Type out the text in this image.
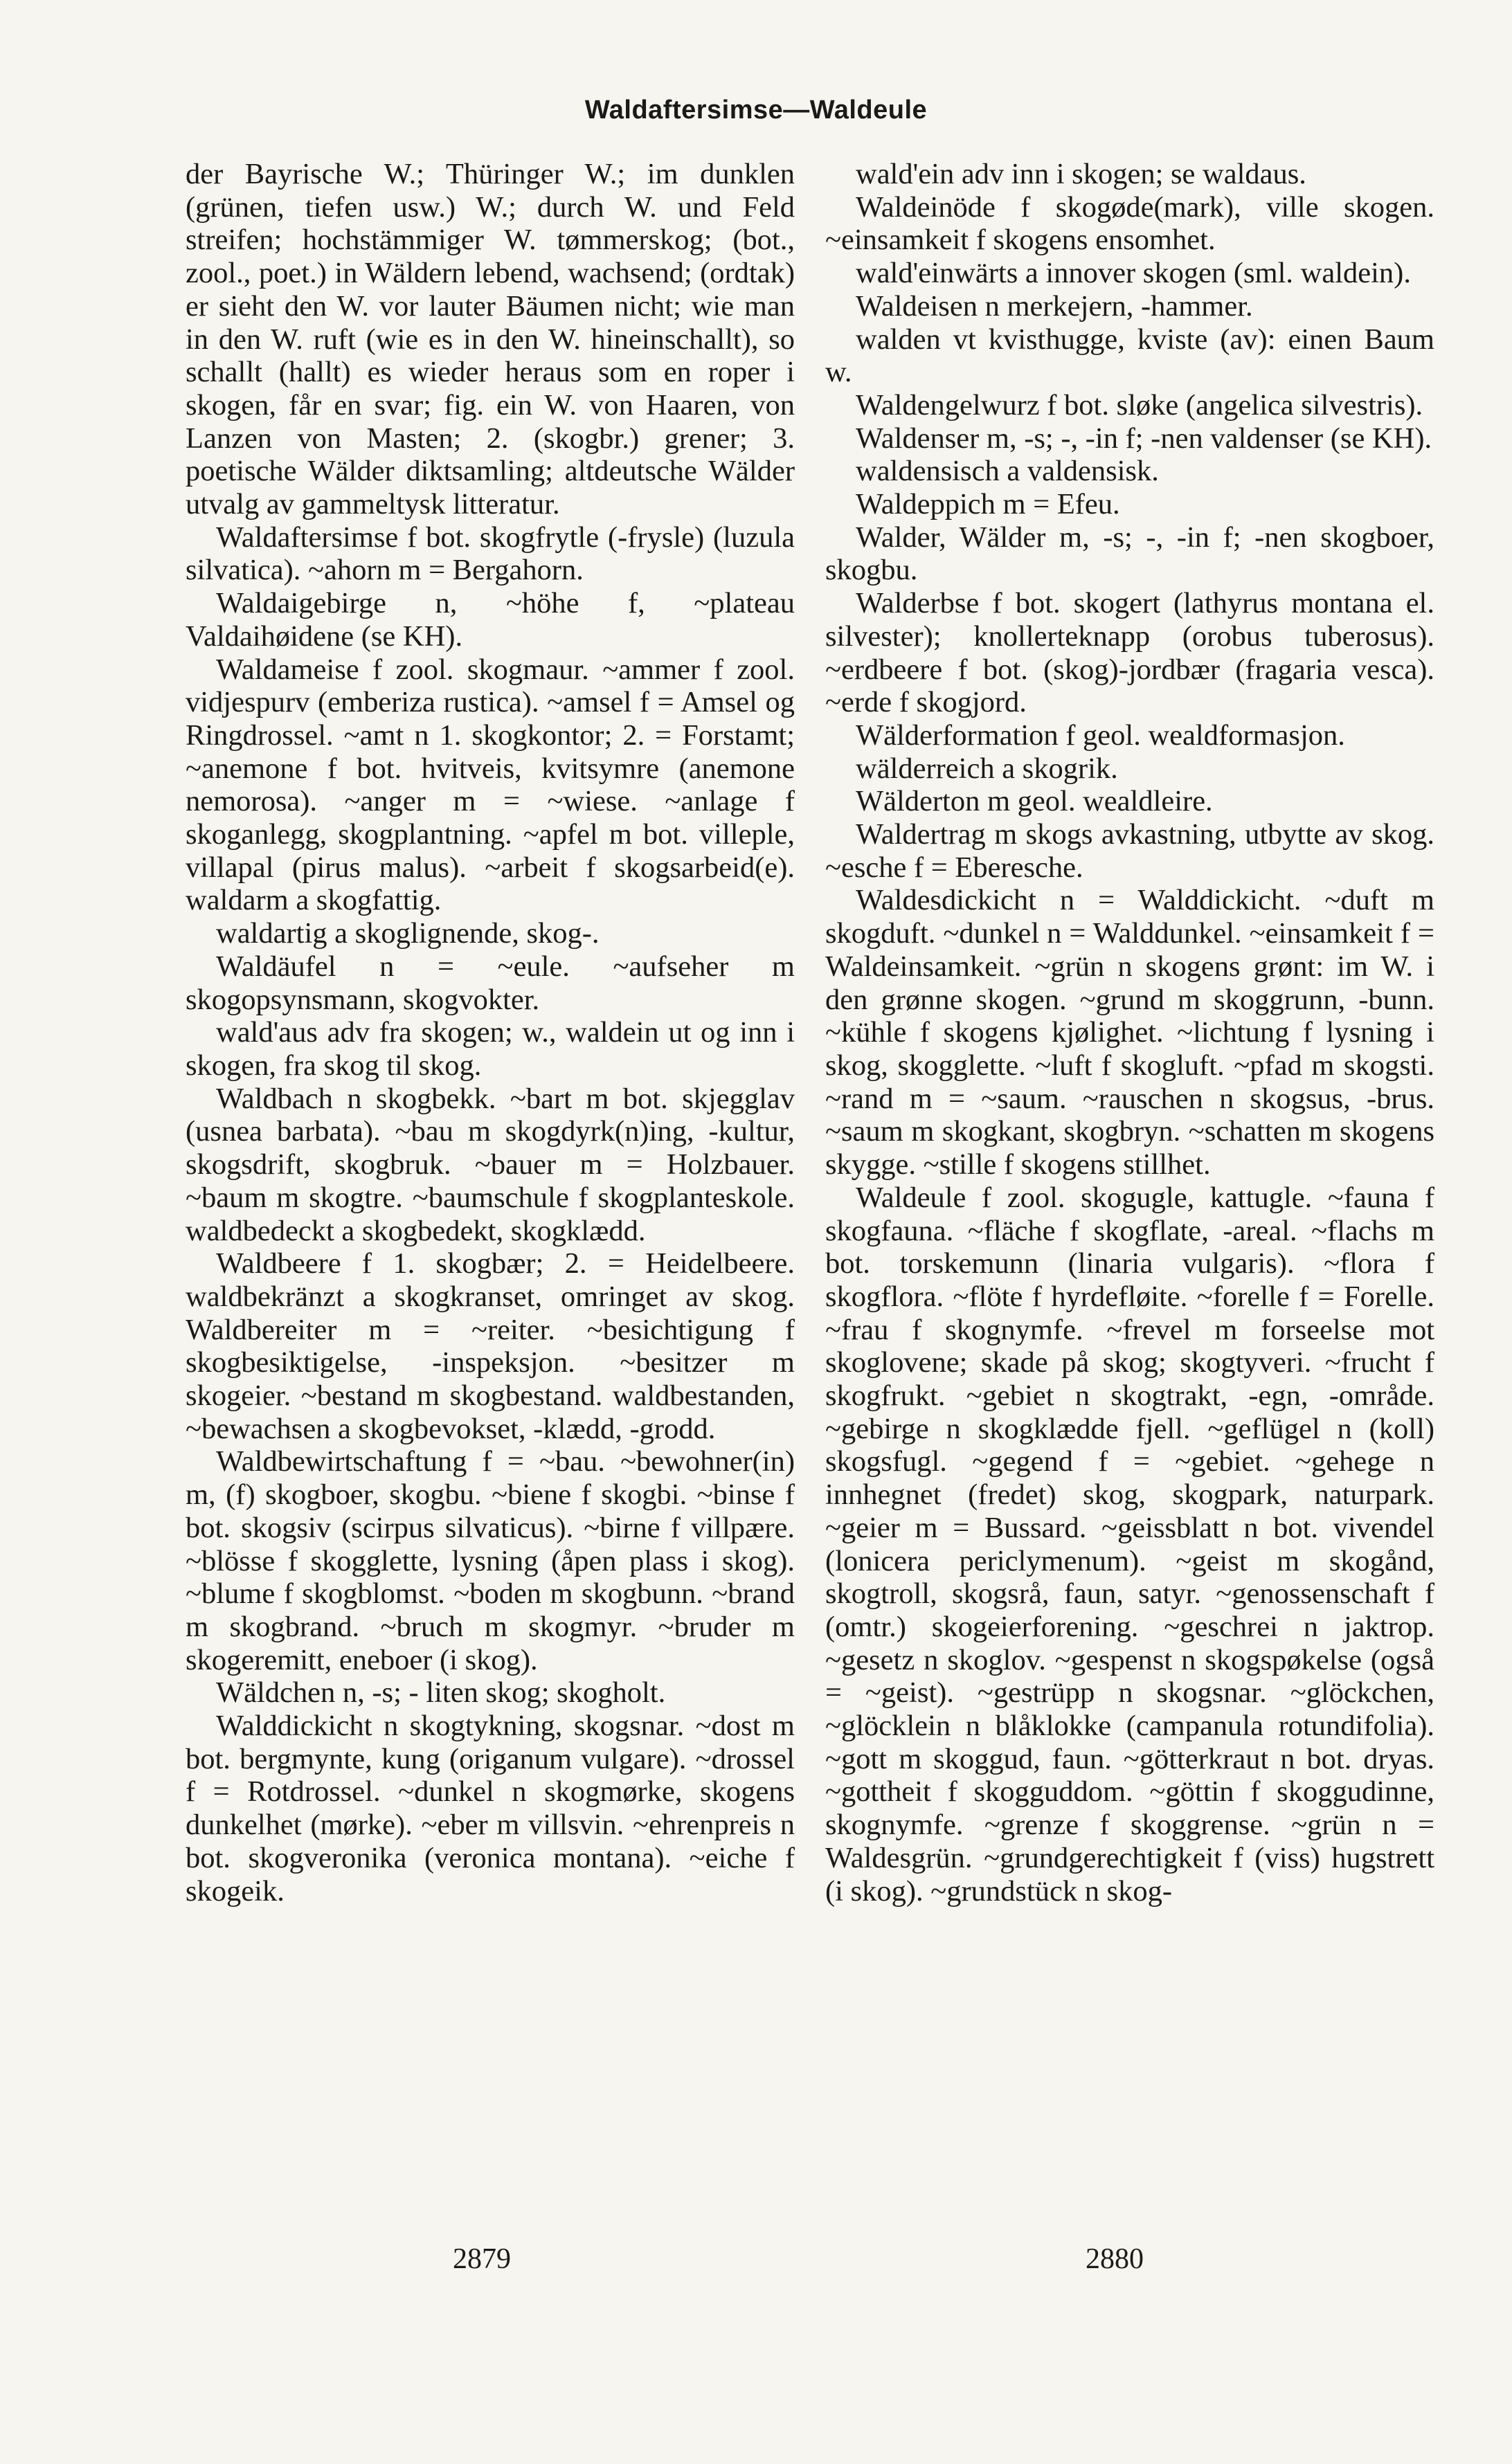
Waldaftersimse—Waldeule

der Bayrische W.; Thüringer W.; im dunklen (grünen, tiefen usw.) W.; durch W. und Feld streifen; hochstämmiger W. tømmerskog; (bot., zool., poet.) in Wäldern lebend, wachsend; (ordtak) er sieht den W. vor lauter Bäumen nicht; wie man in den W. ruft (wie es in den W. hineinschallt), so schallt (hallt) es wieder heraus som en roper i skogen, får en svar; fig. ein W. von Haaren, von Lanzen von Masten; 2. (skogbr.) grener; 3. poetische Wälder diktsamling; altdeutsche Wälder utvalg av gammeltysk litteratur.

Waldaftersimse f bot. skogfrytle (-frysle) (luzula silvatica). ~ahorn m = Bergahorn.

Waldaigebirge n, ~höhe f, ~plateau Valdaihøidene (se KH).

Waldameise f zool. skogmaur. ~ammer f zool. vidjespurv (emberiza rustica). ~amsel f = Amsel og Ringdrossel. ~amt n 1. skogkontor; 2. = Forstamt; ~anemone f bot. hvitveis, kvitsymre (anemone nemorosa). ~anger m = ~wiese. ~anlage f skoganlegg, skogplantning. ~apfel m bot. villeple, villapal (pirus malus). ~arbeit f skogsarbeid(e). waldarm a skogfattig.

waldartig a skoglignende, skog-.

Waldäufel n = ~eule. ~aufseher m skogopsynsmann, skogvokter.

wald'aus adv fra skogen; w., waldein ut og inn i skogen, fra skog til skog.

Waldbach n skogbekk. ~bart m bot. skjegglav (usnea barbata). ~bau m skogdyrk(n)ing, -kultur, skogsdrift, skogbruk. ~bauer m = Holzbauer. ~baum m skogtre. ~baumschule f skogplanteskole. waldbedeckt a skogbedekt, skogklædd.

Waldbeere f 1. skogbær; 2. = Heidelbeere. waldbekränzt a skogkranset, omringet av skog. Waldbereiter m = ~reiter. ~besichtigung f skogbesiktigelse, -inspeksjon. ~besitzer m skogeier. ~bestand m skogbestand. waldbestanden, ~bewachsen a skogbevokset, -klædd, -grodd.

Waldbewirtschaftung f = ~bau. ~bewohner(in) m, (f) skogboer, skogbu. ~biene f skogbi. ~binse f bot. skogsiv (scirpus silvaticus). ~birne f villpære. ~blösse f skogglette, lysning (åpen plass i skog). ~blume f skogblomst. ~boden m skogbunn. ~brand m skogbrand. ~bruch m skogmyr. ~bruder m skogeremitt, eneboer (i skog).

Wäldchen n, -s; - liten skog; skogholt.

Walddickicht n skogtykning, skogsnar. ~dost m bot. bergmynte, kung (origanum vulgare). ~drossel f = Rotdrossel. ~dunkel n skogmørke, skogens dunkelhet (mørke). ~eber m villsvin. ~ehrenpreis n bot. skogveronika (veronica montana). ~eiche f skogeik.

wald'ein adv inn i skogen; se waldaus.

Waldeinöde f skogøde(mark), ville skogen. ~einsamkeit f skogens ensomhet.

wald'einwärts a innover skogen (sml. waldein).

Waldeisen n merkejern, -hammer.

walden vt kvisthugge, kviste (av): einen Baum w.

Waldengelwurz f bot. sløke (angelica silvestris).

Waldenser m, -s; -, -in f; -nen valdenser (se KH).

waldensisch a valdensisk.

Waldeppich m = Efeu.

Walder, Wälder m, -s; -, -in f; -nen skogboer, skogbu.

Walderbse f bot. skogert (lathyrus montana el. silvester); knollerteknapp (orobus tuberosus). ~erdbeere f bot. (skog)-jordbær (fragaria vesca). ~erde f skogjord.

Wälderformation f geol. wealdformasjon.

wälderreich a skogrik.

Wälderton m geol. wealdleire.

Waldertrag m skogs avkastning, utbytte av skog. ~esche f = Eberesche.

Waldesdickicht n = Walddickicht. ~duft m skogduft. ~dunkel n = Walddunkel. ~einsamkeit f = Waldeinsamkeit. ~grün n skogens grønt: im W. i den grønne skogen. ~grund m skoggrunn, -bunn. ~kühle f skogens kjølighet. ~lichtung f lysning i skog, skogglette. ~luft f skogluft. ~pfad m skogsti. ~rand m = ~saum. ~rauschen n skogsus, -brus. ~saum m skogkant, skogbryn. ~schatten m skogens skygge. ~stille f skogens stillhet.

Waldeule f zool. skogugle, kattugle. ~fauna f skogfauna. ~fläche f skogflate, -areal. ~flachs m bot. torskemunn (linaria vulgaris). ~flora f skogflora. ~flöte f hyrdefløite. ~forelle f = Forelle. ~frau f skognymfe. ~frevel m forseelse mot skoglovene; skade på skog; skogtyveri. ~frucht f skogfrukt. ~gebiet n skogtrakt, -egn, -område. ~gebirge n skogklædde fjell. ~geflügel n (koll) skogsfugl. ~gegend f = ~gebiet. ~gehege n innhegnet (fredet) skog, skogpark, naturpark. ~geier m = Bussard. ~geissblatt n bot. vivendel (lonicera periclymenum). ~geist m skogånd, skogtroll, skogsrå, faun, satyr. ~genossenschaft f (omtr.) skogeierforening. ~geschrei n jaktrop. ~gesetz n skoglov. ~gespenst n skogspøkelse (også = ~geist). ~gestrüpp n skogsnar. ~glöckchen, ~glöcklein n blåklokke (campanula rotundifolia). ~gott m skoggud, faun. ~götterkraut n bot. dryas. ~gottheit f skogguddom. ~göttin f skoggudinne, skognymfe. ~grenze f skoggrense. ~grün n = Waldesgrün. ~grundgerechtigkeit f (viss) hugstrett (i skog). ~grundstück n skog-

2879	2880
